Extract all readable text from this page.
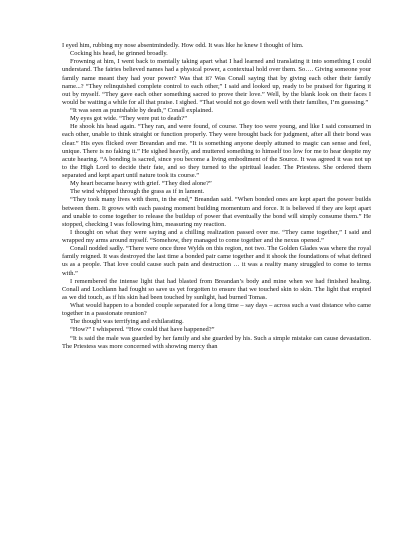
I eyed him, rubbing my nose absentmindedly. How odd. It was like he knew I thought of him.

Cocking his head, he grinned broadly.

Frowning at him, I went back to mentally taking apart what I had learned and translating it into something I could understand. The fairies believed names had a physical power, a contextual hold over them. So…. Giving someone your family name meant they had your power? Was that it? Was Conall saying that by giving each other their family name...? “They relinquished complete control to each other,” I said and looked up, ready to be praised for figuring it out by myself. “They gave each other something sacred to prove their love.” Well, by the blank look on their faces I would be waiting a while for all that praise. I sighed. “That would not go down well with their families, I’m guessing.”

“It was seen as punishable by death,” Conall explained.

My eyes got wide. “They were put to death?”

He shook his head again. “They ran, and were found, of course. They too were young, and like I said consumed in each other, unable to think straight or function properly. They were brought back for judgment, after all their bond was clear.” His eyes flicked over Breandan and me. “It is something anyone deeply attuned to magic can sense and feel, unique. There is no faking it.” He sighed heavily, and muttered something to himself too low for me to hear despite my acute hearing. “A bonding is sacred, since you become a living embodiment of the Source. It was agreed it was not up to the High Lord to decide their fate, and so they turned to the spiritual leader. The Priestess. She ordered them separated and kept apart until nature took its course.”

My heart became heavy with grief. “They died alone?”

The wind whipped through the grass as if in lament.

“They took many lives with them, in the end,” Breandan said. “When bonded ones are kept apart the power builds between them. It grows with each passing moment building momentum and force. It is believed if they are kept apart and unable to come together to release the buildup of power that eventually the bond will simply consume them.” He stopped, checking I was following him, measuring my reaction.

I thought on what they were saying and a chilling realization passed over me. “They came together,” I said and wrapped my arms around myself. “Somehow, they managed to come together and the nexus opened.”

Conall nodded sadly. “There were once three Wylds on this region, not two. The Golden Glades was where the royal family reigned. It was destroyed the last time a bonded pair came together and it shook the foundations of what defined us as a people. That love could cause such pain and destruction … it was a reality many struggled to come to terms with.”

I remembered the intense light that had blasted from Breandan’s body and mine when we had finished healing. Conall and Lochlann had fought so save us yet forgotten to ensure that we touched skin to skin. The light that erupted as we did touch, as if his skin had been touched by sunlight, had burned Tomas.

What would happen to a bonded couple separated for a long time – say days – across such a vast distance who came together in a passionate reunion?

The thought was terrifying and exhilarating.

“How?” I whispered. “How could that have happened?”

“It is said the male was guarded by her family and she guarded by his. Such a simple mistake can cause devastation. The Priestess was more concerned with showing mercy than
